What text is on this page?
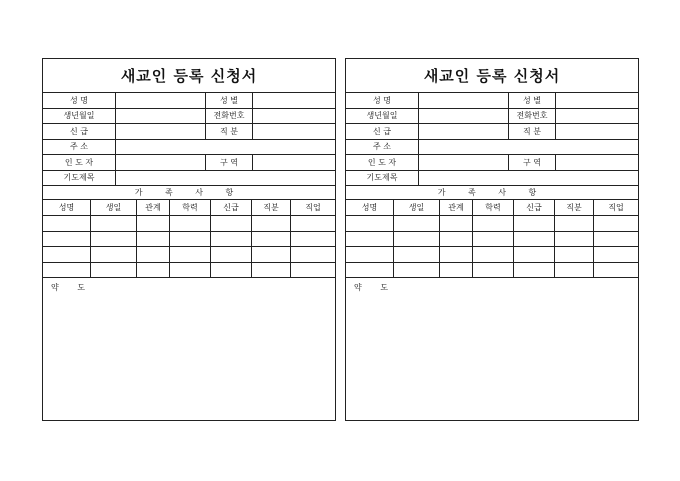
새교인 등록 신청서
성 명	성 별
생년월일	전화번호
신 급	직 분
주 소
인 도 자	구 역
기도제목
가 족 사 항
성명	생일	관계	학력	신급	직분	직업
약 도
새교인 등록 신청서
성 명	성 별
생년월일	전화번호
신 급	직 분
주 소
인 도 자	구 역
기도제목
가 족 사 항
성명	생일	관계	학력	신급	직분	직업
약 도
